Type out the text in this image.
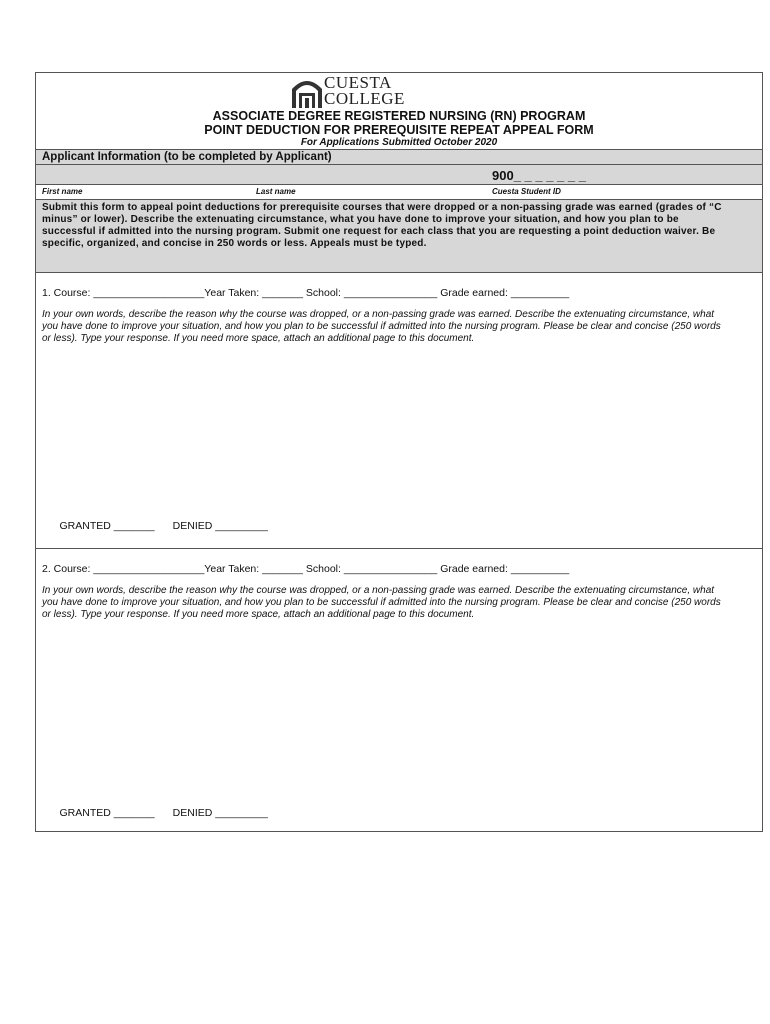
CUESTA
COLLEGE
ASSOCIATE DEGREE REGISTERED NURSING (RN) PROGRAM
POINT DEDUCTION FOR PREREQUISITE REPEAT APPEAL FORM
For Applications Submitted October 2020
Applicant Information (to be completed by Applicant)
900_ _ _ _ _ _ _
First name	Last name	Cuesta Student ID

Submit this form to appeal point deductions for prerequisite courses that were dropped or a non-passing grade was earned (grades of “C minus” or lower). Describe the extenuating circumstance, what you have done to improve your situation, and how you plan to be successful if admitted into the nursing program. Submit one request for each class that you are requesting a point deduction waiver. Be specific, organized, and concise in 250 words or less. Appeals must be typed.

1. Course: ___________________Year Taken: _______ School: ________________ Grade earned: __________

In your own words, describe the reason why the course was dropped, or a non-passing grade was earned. Describe the extenuating circumstance, what you have done to improve your situation, and how you plan to be successful if admitted into the nursing program. Please be clear and concise (250 words or less). Type your response. If you need more space, attach an additional page to this document.

GRANTED _______ DENIED _________

2. Course: ___________________Year Taken: _______ School: ________________ Grade earned: __________

In your own words, describe the reason why the course was dropped, or a non-passing grade was earned. Describe the extenuating circumstance, what you have done to improve your situation, and how you plan to be successful if admitted into the nursing program. Please be clear and concise (250 words or less). Type your response. If you need more space, attach an additional page to this document.

GRANTED _______ DENIED _________
